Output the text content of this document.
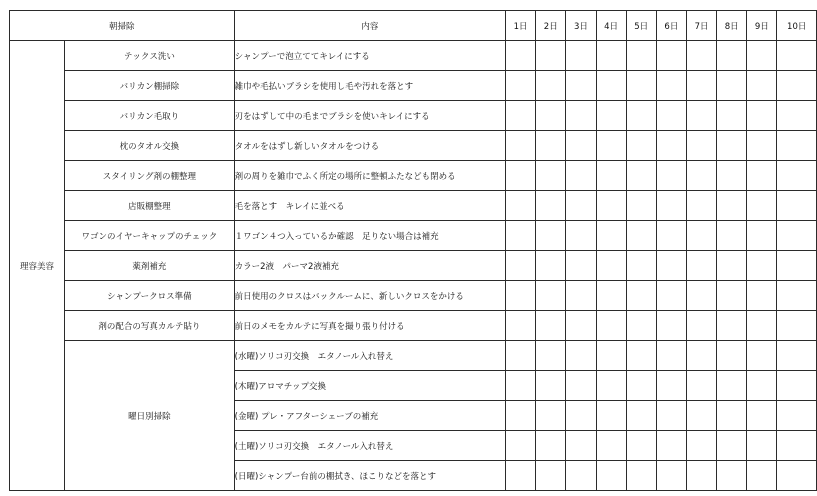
朝掃除		内容	1日	2日	3日	4日	5日	6日	7日	8日	9日	10日
理容美容	テックス洗い	シャンプーで泡立ててキレイにする										
	バリカン棚掃除	雑巾や毛払いブラシを使用し毛や汚れを落とす										
	バリカン毛取り	刃をはずして中の毛までブラシを使いキレイにする										
	枕のタオル交換	タオルをはずし新しいタオルをつける										
	スタイリング剤の棚整理	剤の周りを雑巾でふく所定の場所に整頓ふたなども閉める										
	店販棚整理	毛を落とす　キレイに並べる										
	ワゴンのイヤーキャップのチェック	１ワゴン４つ入っているか確認　足りない場合は補充										
	薬剤補充	カラー2液　パーマ2液補充										
	シャンプークロス準備	前日使用のクロスはバックルームに、新しいクロスをかける										
	剤の配合の写真カルテ貼り	前日のメモをカルテに写真を撮り張り付ける										
	曜日別掃除	(水曜)ソリコ刃交換　エタノール入れ替え										
		(木曜)アロマチップ交換										
		(金曜) プレ・アフターシェーブの補充										
		(土曜)ソリコ刃交換　エタノール入れ替え										
		(日曜)シャンプー台前の棚拭き、ほこりなどを落とす										
